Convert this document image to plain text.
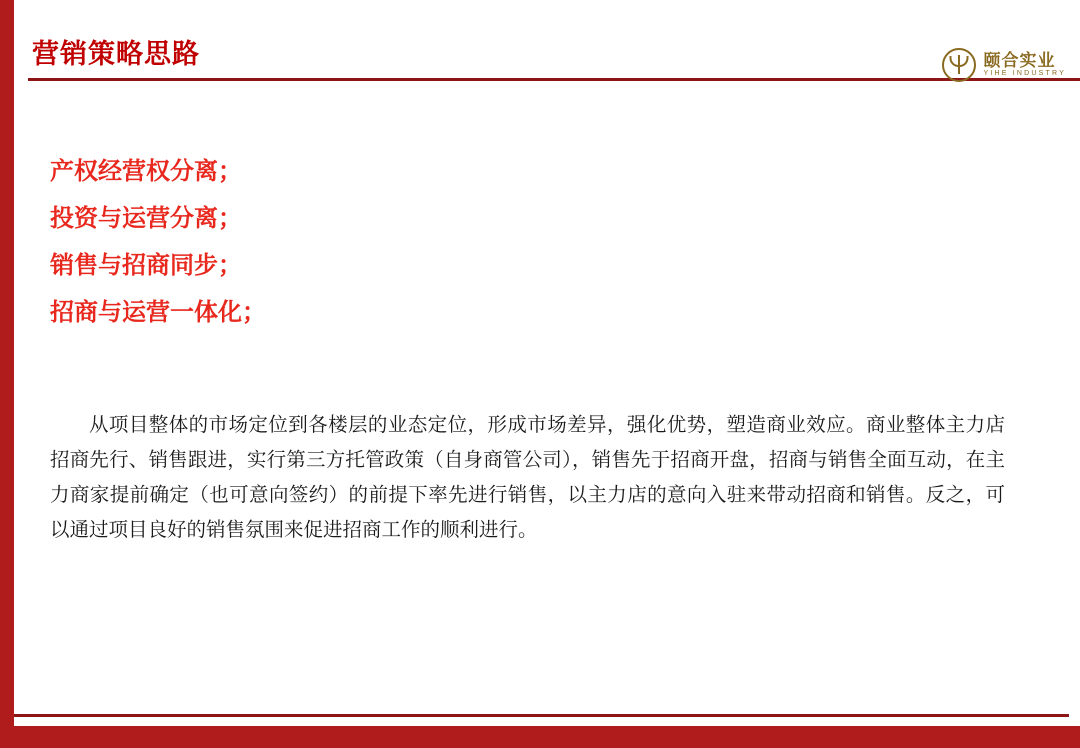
营销策略思路	颐合实业
YIHE INDUSTRY
产权经营权分离；
投资与运营分离；
销售与招商同步；
招商与运营一体化；
从项目整体的市场定位到各楼层的业态定位，形成市场差异，强化优势，塑造商业效应。商业整体主力店招商先行、销售跟进，实行第三方托管政策（自身商管公司），销售先于招商开盘，招商与销售全面互动，在主力商家提前确定（也可意向签约）的前提下率先进行销售，以主力店的意向入驻来带动招商和销售。反之，可以通过项目良好的销售氛围来促进招商工作的顺利进行。
